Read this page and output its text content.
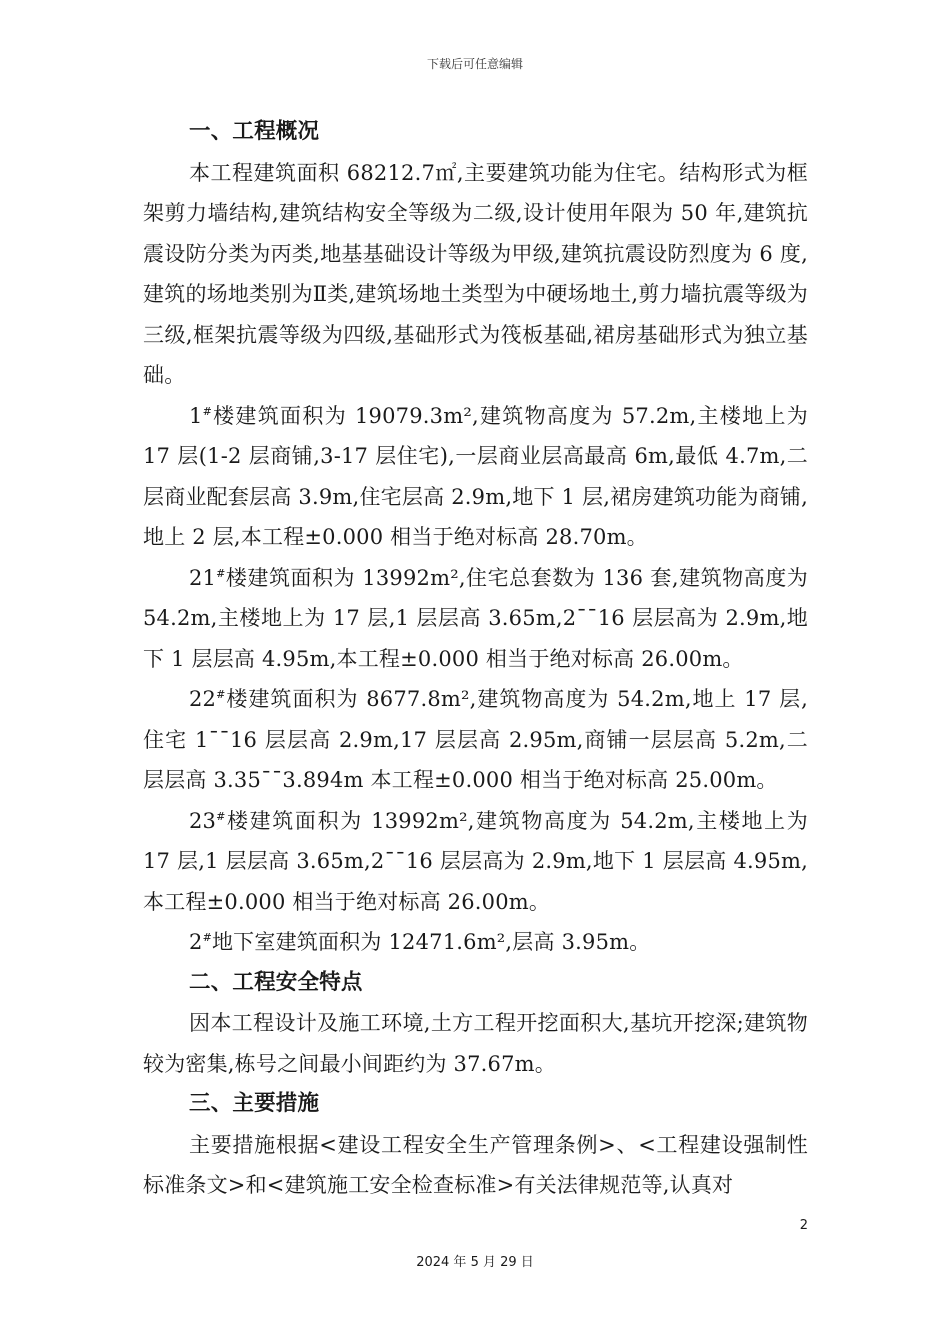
下载后可任意编辑
一、工程概况

本工程建筑面积 68212.7㎡,主要建筑功能为住宅。结构形式为框架剪力墙结构,建筑结构安全等级为二级,设计使用年限为 50 年,建筑抗震设防分类为丙类,地基基础设计等级为甲级,建筑抗震设防烈度为 6 度,建筑的场地类别为Ⅱ类,建筑场地土类型为中硬场地土,剪力墙抗震等级为三级,框架抗震等级为四级,基础形式为筏板基础,裙房基础形式为独立基础。

1#楼建筑面积为 19079.3m²,建筑物高度为 57.2m,主楼地上为 17 层(1-2 层商铺,3-17 层住宅),一层商业层高最高 6m,最低 4.7m,二层商业配套层高 3.9m,住宅层高 2.9m,地下 1 层,裙房建筑功能为商铺,地上 2 层,本工程±0.000 相当于绝对标高 28.70m。

21#楼建筑面积为 13992m²,住宅总套数为 136 套,建筑物高度为 54.2m,主楼地上为 17 层,1 层层高 3.65m,2¯¯16 层层高为 2.9m,地下 1 层层高 4.95m,本工程±0.000 相当于绝对标高 26.00m。

22#楼建筑面积为 8677.8m²,建筑物高度为 54.2m,地上 17 层,住宅 1¯¯16 层层高 2.9m,17 层层高 2.95m,商铺一层层高 5.2m,二层层高 3.35¯¯3.894m 本工程±0.000 相当于绝对标高 25.00m。

23#楼建筑面积为 13992m²,建筑物高度为 54.2m,主楼地上为 17 层,1 层层高 3.65m,2¯¯16 层层高为 2.9m,地下 1 层层高 4.95m,本工程±0.000 相当于绝对标高 26.00m。

2#地下室建筑面积为 12471.6m²,层高 3.95m。

二、工程安全特点

因本工程设计及施工环境,土方工程开挖面积大,基坑开挖深;建筑物较为密集,栋号之间最小间距约为 37.67m。

三、主要措施

主要措施根据<建设工程安全生产管理条例>、<工程建设强制性标准条文>和<建筑施工安全检查标准>有关法律规范等,认真对

2
2024 年 5 月 29 日
